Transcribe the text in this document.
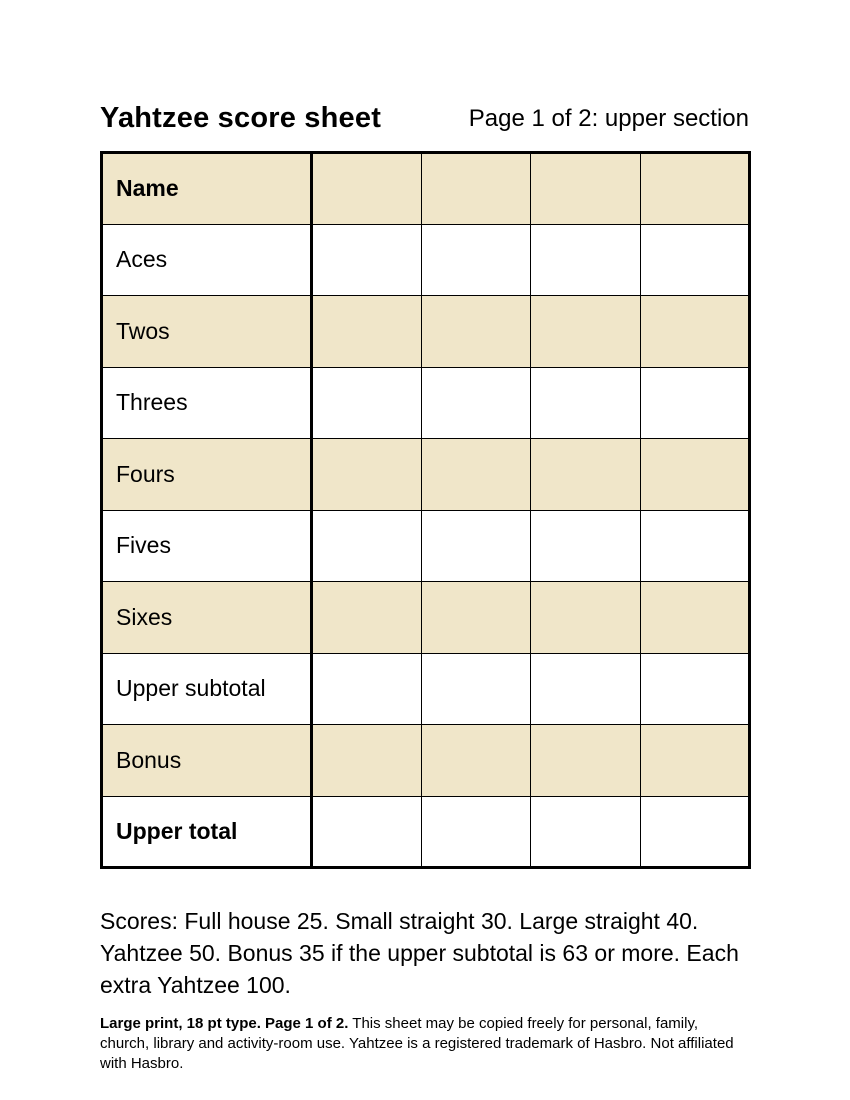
Yahtzee score sheet	Page 1 of 2: upper section
Name				
Aces				
Twos				
Threes				
Fours				
Fives				
Sixes				
Upper subtotal				
Bonus				
Upper total				
Scores: Full house 25. Small straight 30. Large straight 40. Yahtzee 50. Bonus 35 if the upper subtotal is 63 or more. Each extra Yahtzee 100.
Large print, 18 pt type. Page 1 of 2. This sheet may be copied freely for personal, family, church, library and activity-room use. Yahtzee is a registered trademark of Hasbro. Not affiliated with Hasbro.
